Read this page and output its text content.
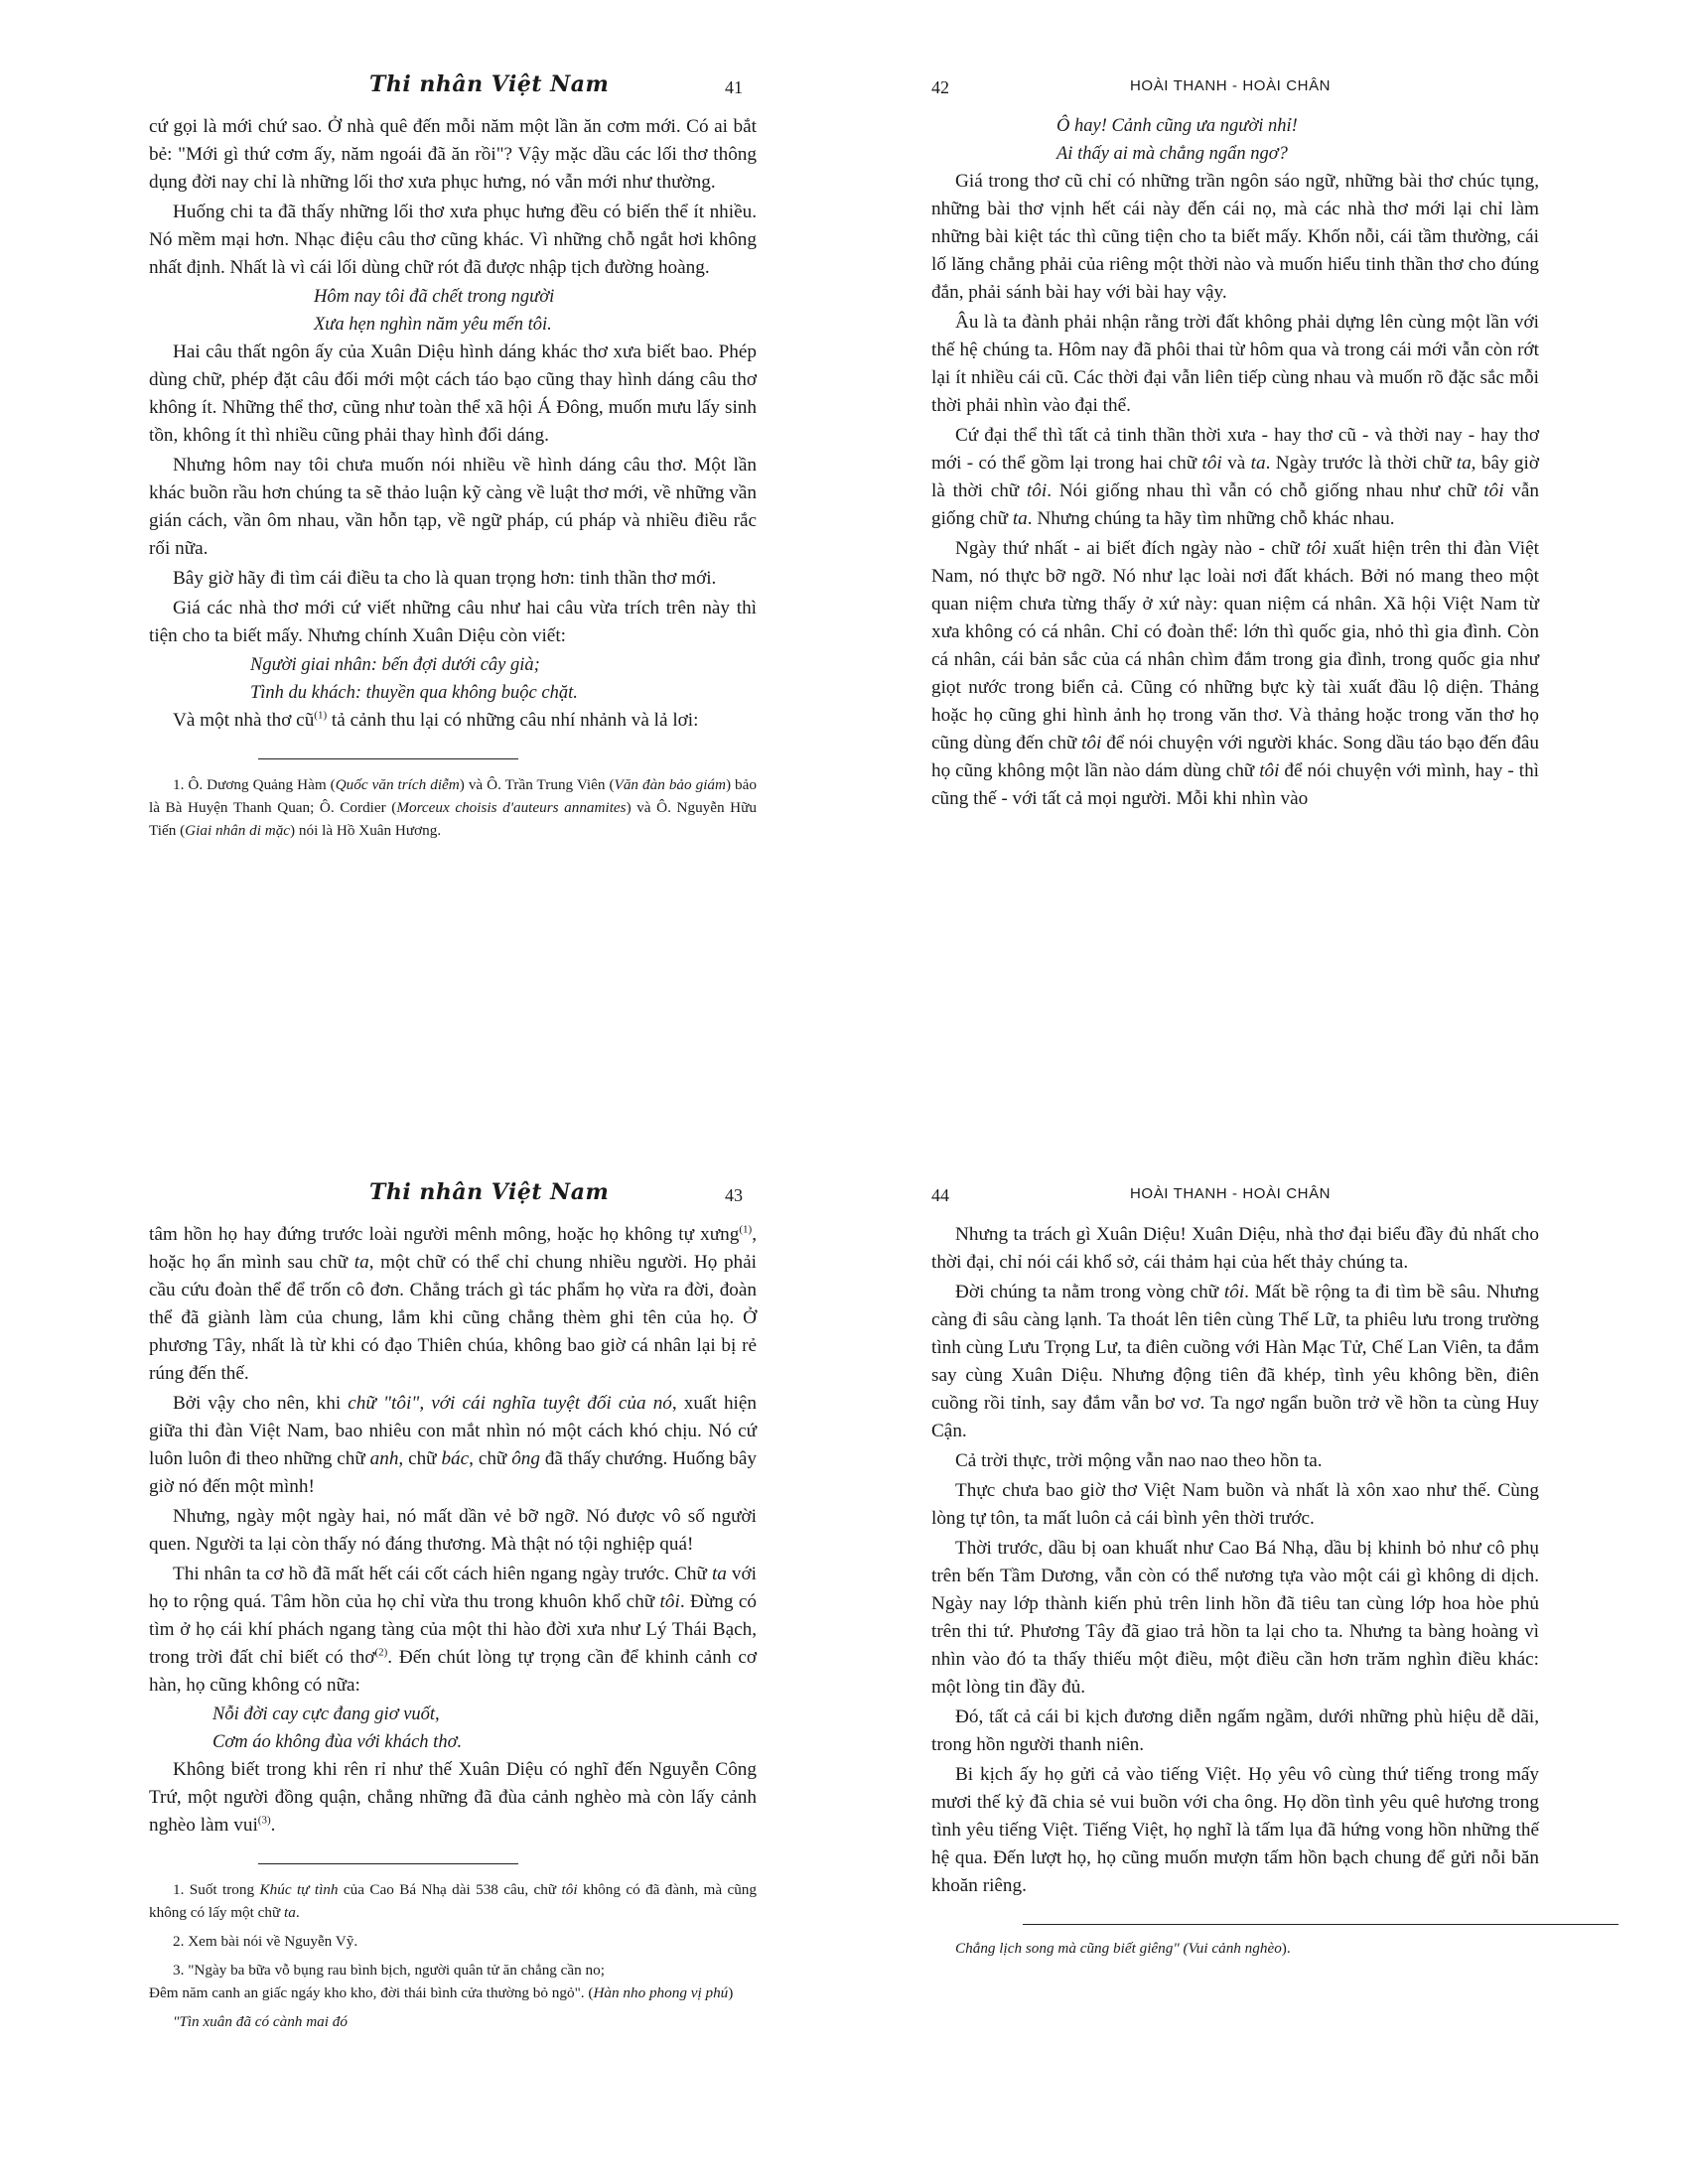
Thi nhân Việt Nam	41

cứ gọi là mới chứ sao. Ở nhà quê đến mỗi năm một lần ăn cơm mới. Có ai bắt bẻ: "Mới gì thứ cơm ấy, năm ngoái đã ăn rồi"? Vậy mặc dầu các lối thơ thông dụng đời nay chỉ là những lối thơ xưa phục hưng, nó vẫn mới như thường.

Huống chi ta đã thấy những lối thơ xưa phục hưng đều có biến thể ít nhiều. Nó mềm mại hơn. Nhạc điệu câu thơ cũng khác. Vì những chỗ ngắt hơi không nhất định. Nhất là vì cái lối dùng chữ rót đã được nhập tịch đường hoàng.

Hôm nay tôi đã chết trong người
Xưa hẹn nghìn năm yêu mến tôi.

Hai câu thất ngôn ấy của Xuân Diệu hình dáng khác thơ xưa biết bao. Phép dùng chữ, phép đặt câu đối mới một cách táo bạo cũng thay hình dáng câu thơ không ít. Những thể thơ, cũng như toàn thể xã hội Á Đông, muốn mưu lấy sinh tồn, không ít thì nhiều cũng phải thay hình đổi dáng.

Nhưng hôm nay tôi chưa muốn nói nhiều về hình dáng câu thơ. Một lần khác buồn rầu hơn chúng ta sẽ thảo luận kỹ càng về luật thơ mới, về những vần gián cách, vần ôm nhau, vần hỗn tạp, về ngữ pháp, cú pháp và nhiều điều rắc rối nữa.

Bây giờ hãy đi tìm cái điều ta cho là quan trọng hơn: tinh thần thơ mới.

Giá các nhà thơ mới cứ viết những câu như hai câu vừa trích trên này thì tiện cho ta biết mấy. Nhưng chính Xuân Diệu còn viết:

Người giai nhân: bến đợi dưới cây già;
Tình du khách: thuyền qua không buộc chặt.

Và một nhà thơ $cũ^{(1)}$ tả cảnh thu lại có những câu nhí nhảnh và lả lơi:

1. Ô. Dương Quảng Hàm (Quốc văn trích diễm) và Ô. Trần Trung Viên (Văn đàn bảo giám) bảo là Bà Huyện Thanh Quan; Ô. Cordier (Morceux choisis d'auteurs annamites) và Ô. Nguyễn Hữu Tiến (Giai nhân di mặc) nói là Hồ Xuân Hương.

42	HOÀI THANH - HOÀI CHÂN
Ô hay! Cảnh cũng ưa người nhỉ!
Ai thấy ai mà chẳng ngẩn ngơ?

Giá trong thơ cũ chỉ có những trần ngôn sáo ngữ, những bài thơ chúc tụng, những bài thơ vịnh hết cái này đến cái nọ, mà các nhà thơ mới lại chỉ làm những bài kiệt tác thì cũng tiện cho ta biết mấy. Khốn nỗi, cái tầm thường, cái lố lăng chẳng phải của riêng một thời nào và muốn hiểu tinh thần thơ cho đúng đắn, phải sánh bài hay với bài hay vậy.

Âu là ta đành phải nhận rằng trời đất không phải dựng lên cùng một lần với thế hệ chúng ta. Hôm nay đã phôi thai từ hôm qua và trong cái mới vẫn còn rớt lại ít nhiều cái cũ. Các thời đại vẫn liên tiếp cùng nhau và muốn rõ đặc sắc mỗi thời phải nhìn vào đại thể.

Cứ đại thể thì tất cả tinh thần thời xưa - hay thơ cũ - và thời nay - hay thơ mới - có thể gồm lại trong hai chữ tôi và ta. Ngày trước là thời chữ ta, bây giờ là thời chữ tôi. Nói giống nhau thì vẫn có chỗ giống nhau như chữ tôi vẫn giống chữ ta. Nhưng chúng ta hãy tìm những chỗ khác nhau.

Ngày thứ nhất - ai biết đích ngày nào - chữ tôi xuất hiện trên thi đàn Việt Nam, nó thực bỡ ngỡ. Nó như lạc loài nơi đất khách. Bởi nó mang theo một quan niệm chưa từng thấy ở xứ này: quan niệm cá nhân. Xã hội Việt Nam từ xưa không có cá nhân. Chỉ có đoàn thể: lớn thì quốc gia, nhỏ thì gia đình. Còn cá nhân, cái bản sắc của cá nhân chìm đắm trong gia đình, trong quốc gia như giọt nước trong biển cả. Cũng có những bực kỳ tài xuất đầu lộ diện. Thảng hoặc họ cũng ghi hình ảnh họ trong văn thơ. Và thảng hoặc trong văn thơ họ cũng dùng đến chữ tôi để nói chuyện với người khác. Song dầu táo bạo đến đâu họ cũng không một lần nào dám dùng chữ tôi để nói chuyện với mình, hay - thì cũng thế - với tất cả mọi người. Mỗi khi nhìn vào

Thi nhân Việt Nam	43

tâm hồn họ hay đứng trước loài người mênh mông, hoặc họ không tự xưng$^{(1)}$, hoặc họ ẩn mình sau chữ ta, một chữ có thể chỉ chung nhiều người. Họ phải cầu cứu đoàn thể để trốn cô đơn. Chẳng trách gì tác phẩm họ vừa ra đời, đoàn thể đã giành làm của chung, lắm khi cũng chẳng thèm ghi tên của họ. Ở phương Tây, nhất là từ khi có đạo Thiên chúa, không bao giờ cá nhân lại bị rẻ rúng đến thế.

Bởi vậy cho nên, khi chữ "tôi", với cái nghĩa tuyệt đối của nó, xuất hiện giữa thi đàn Việt Nam, bao nhiêu con mắt nhìn nó một cách khó chịu. Nó cứ luôn luôn đi theo những chữ anh, chữ bác, chữ ông đã thấy chướng. Huống bây giờ nó đến một mình!

Nhưng, ngày một ngày hai, nó mất dần vẻ bỡ ngỡ. Nó được vô số người quen. Người ta lại còn thấy nó đáng thương. Mà thật nó tội nghiệp quá!

Thi nhân ta cơ hồ đã mất hết cái cốt cách hiên ngang ngày trước. Chữ ta với họ to rộng quá. Tâm hồn của họ chỉ vừa thu trong khuôn khổ chữ tôi. Đừng có tìm ở họ cái khí phách ngang tàng của một thi hào đời xưa như Lý Thái Bạch, trong trời đất chỉ biết có thơ$^{(2)}$. Đến chút lòng tự trọng cần để khinh cảnh cơ hàn, họ cũng không có nữa:

Nỗi đời cay cực đang giơ vuốt,
Cơm áo không đùa với khách thơ.

Không biết trong khi rên rỉ như thế Xuân Diệu có nghĩ đến Nguyễn Công Trứ, một người đồng quận, chẳng những đã đùa cảnh nghèo mà còn lấy cảnh nghèo làm vui$^{(3)}$.

1. Suốt trong Khúc tự tình của Cao Bá Nhạ dài 538 câu, chữ tôi không có đã đành, mà cũng không có lấy một chữ ta.

2. Xem bài nói về Nguyễn Vỹ.

3. "Ngày ba bữa vỗ bụng rau bình bịch, người quân tử ăn chẳng cần no;

Đêm năm canh an giấc ngáy kho kho, đời thái bình cửa thường bỏ ngỏ". (Hàn nho phong vị phú)

"Tìn xuân đã có cành mai đó

44	HOÀI THANH - HOÀI CHÂN

Nhưng ta trách gì Xuân Diệu! Xuân Diệu, nhà thơ đại biểu đầy đủ nhất cho thời đại, chỉ nói cái khổ sở, cái thảm hại của hết thảy chúng ta.

Đời chúng ta nằm trong vòng chữ tôi. Mất bề rộng ta đi tìm bề sâu. Nhưng càng đi sâu càng lạnh. Ta thoát lên tiên cùng Thế Lữ, ta phiêu lưu trong trường tình cùng Lưu Trọng Lư, ta điên cuồng với Hàn Mạc Tử, Chế Lan Viên, ta đắm say cùng Xuân Diệu. Nhưng động tiên đã khép, tình yêu không bền, điên cuồng rồi tỉnh, say đắm vẫn bơ vơ. Ta ngơ ngẩn buồn trở về hồn ta cùng Huy Cận.

Cả trời thực, trời mộng vẫn nao nao theo hồn ta.

Thực chưa bao giờ thơ Việt Nam buồn và nhất là xôn xao như thế. Cùng lòng tự tôn, ta mất luôn cả cái bình yên thời trước.

Thời trước, dầu bị oan khuất như Cao Bá Nhạ, dầu bị khinh bỏ như cô phụ trên bến Tầm Dương, vẫn còn có thể nương tựa vào một cái gì không di dịch. Ngày nay lớp thành kiến phủ trên linh hồn đã tiêu tan cùng lớp hoa hòe phủ trên thi tứ. Phương Tây đã giao trả hồn ta lại cho ta. Nhưng ta bàng hoàng vì nhìn vào đó ta thấy thiếu một điều, một điều cần hơn trăm nghìn điều khác: một lòng tin đầy đủ.

Đó, tất cả cái bi kịch đương diễn ngấm ngầm, dưới những phù hiệu dễ dãi, trong hồn người thanh niên.

Bi kịch ấy họ gửi cả vào tiếng Việt. Họ yêu vô cùng thứ tiếng trong mấy mươi thế kỷ đã chia sẻ vui buồn với cha ông. Họ dồn tình yêu quê hương trong tình yêu tiếng Việt. Tiếng Việt, họ nghĩ là tấm lụa đã hứng vong hồn những thế hệ qua. Đến lượt họ, họ cũng muốn mượn tấm hồn bạch chung để gửi nỗi băn khoăn riêng.

Chẳng lịch song mà cũng biết giêng" (Vui cảnh nghèo).
